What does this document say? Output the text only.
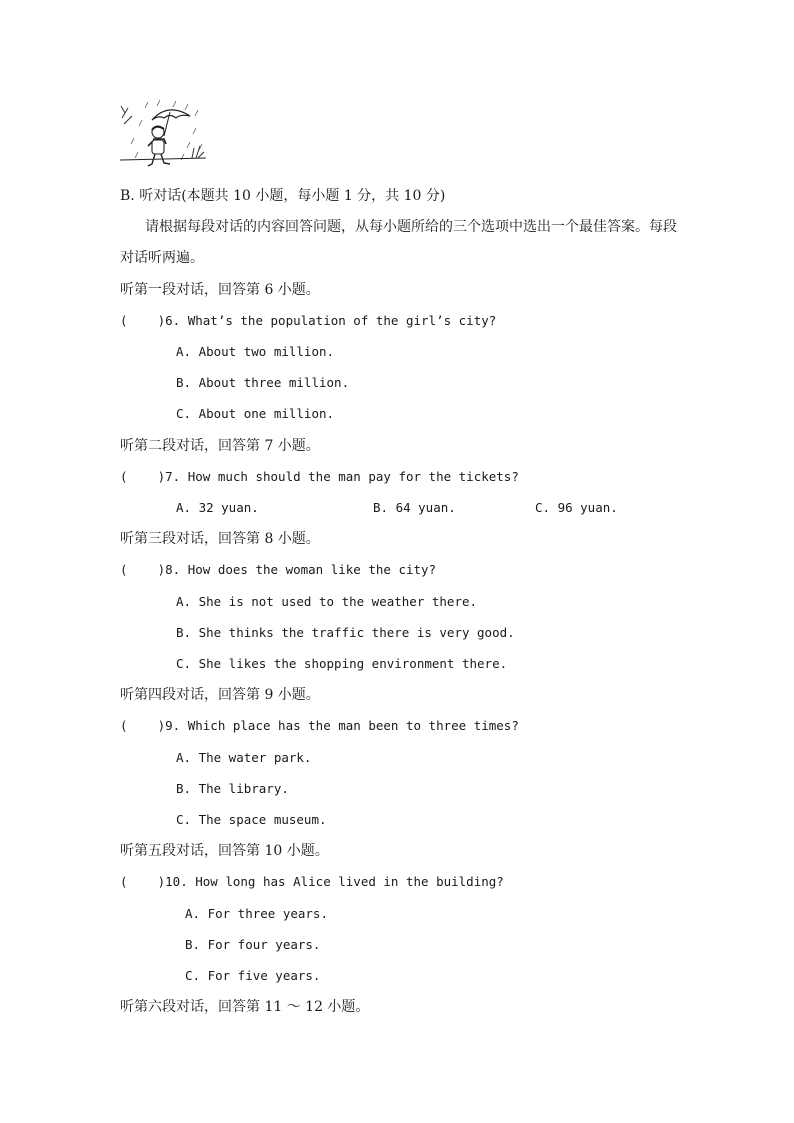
B. 听对话(本题共 10 小题，每小题 1 分，共 10 分)
请根据每段对话的内容回答问题，从每小题所给的三个选项中选出一个最佳答案。每段
对话听两遍。
听第一段对话，回答第 6 小题。
(    )6. What’s the population of the girl’s city?
A. About two million.
B. About three million.
C. About one million.
听第二段对话，回答第 7 小题。
(    )7. How much should the man pay for the tickets?
A. 32 yuan.	B. 64 yuan.	C. 96 yuan.
听第三段对话，回答第 8 小题。
(    )8. How does the woman like the city?
A. She is not used to the weather there.
B. She thinks the traffic there is very good.
C. She likes the shopping environment there.
听第四段对话，回答第 9 小题。
(    )9. Which place has the man been to three times?
A. The water park.
B. The library.
C. The space museum.
听第五段对话，回答第 10 小题。
(    )10. How long has Alice lived in the building?
A. For three years.
B. For four years.
C. For five years.
听第六段对话，回答第 11 ～ 12 小题。
